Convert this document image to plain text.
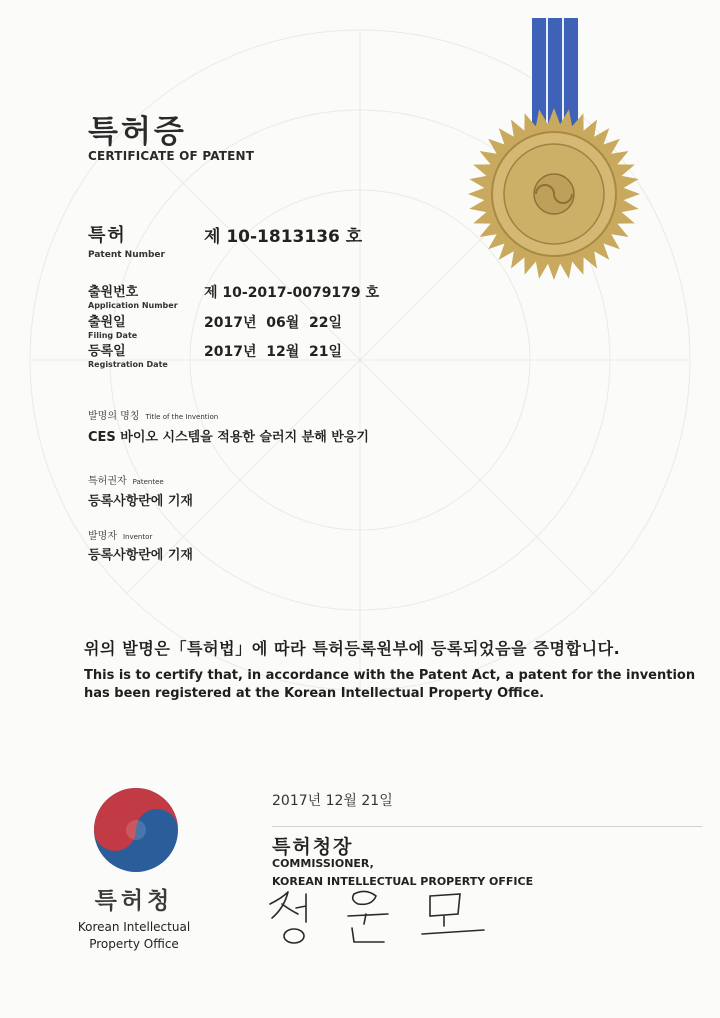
특허증
CERTIFICATE OF PATENT
특허
Patent Number
제 10-1813136 호
출원번호
Application Number
제 10-2017-0079179 호
출원일
Filing Date
2017년  06월  22일
등록일
Registration Date
2017년  12월  21일
발명의 명칭 Title of the Invention
CES 바이오 시스템을 적용한 슬러지 분해 반응기
특허권자 Patentee
등록사항란에 기재
발명자 Inventor
등록사항란에 기재
위의 발명은「특허법」에 따라 특허등록원부에 등록되었음을 증명합니다.
This is to certify that, in accordance with the Patent Act, a patent for the invention
has been registered at the Korean Intellectual Property Office.
2017년 12월 21일
특허청장
COMMISSIONER,
KOREAN INTELLECTUAL PROPERTY OFFICE
특허청
Korean Intellectual
Property Office
